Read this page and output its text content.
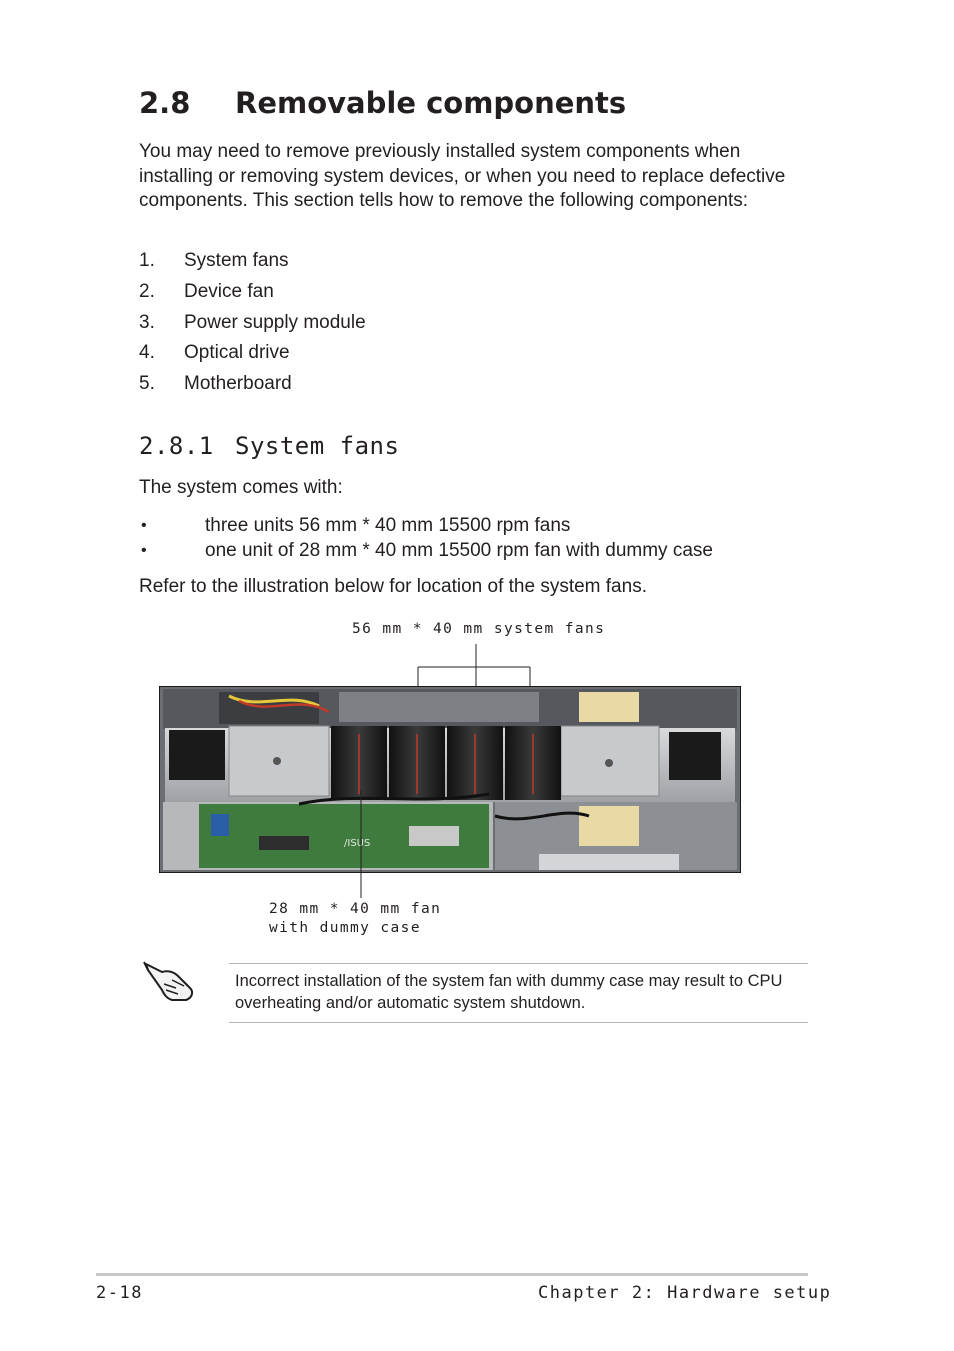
2.8 Removable components
You may need to remove previously installed system components when installing or removing system devices, or when you need to replace defective components. This section tells how to remove the following components:
1.	System fans
2.	Device fan
3.	Power supply module
4.	Optical drive
5.	Motherboard
2.8.1 System fans
The system comes with:
•	three units 56 mm * 40 mm 15500 rpm fans
•	one unit of 28 mm * 40 mm 15500 rpm fan with dummy case
Refer to the illustration below for location of the system fans.
56 mm * 40 mm system fans
/ISUS
28 mm * 40 mm fan
with dummy case
Incorrect installation of the system fan with dummy case may result to CPU overheating and/or automatic system shutdown.
2-18	Chapter 2: Hardware setup
